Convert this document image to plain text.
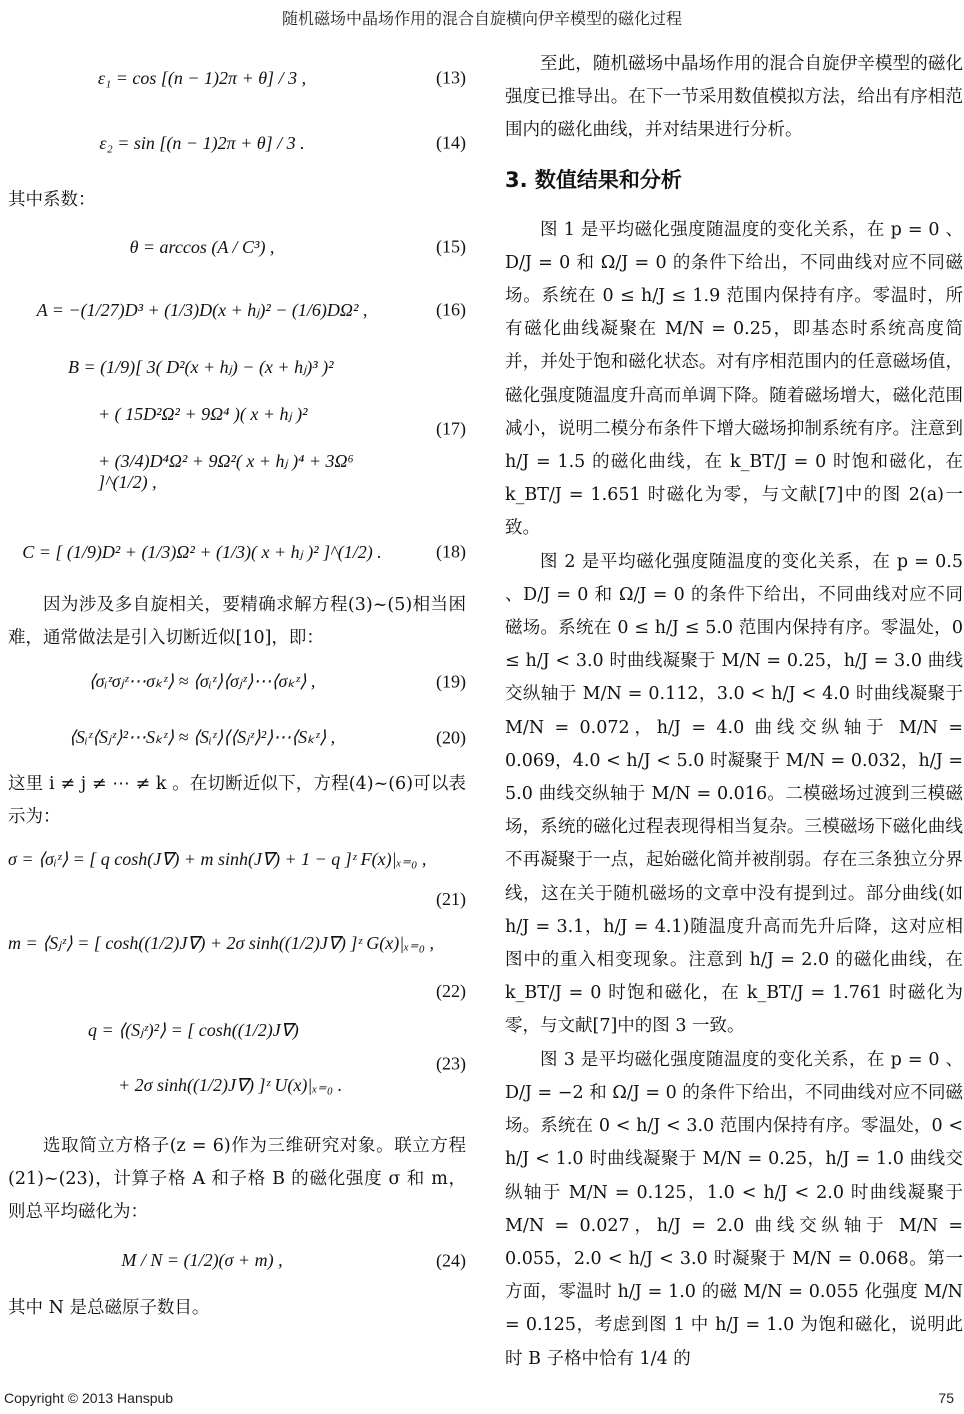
随机磁场中晶场作用的混合自旋横向伊辛模型的磁化过程
ε₁ = cos [(n − 1)2π + θ] / 3 ,	(13)
ε₂ = sin [(n − 1)2π + θ] / 3 .	(14)

其中系数：

θ = arccos (A / C³) ,	(15)
A = −(1/27)D³ + (1/3)D(x + hⱼ)² − (1/6)DΩ² ,	(16)
B = (1/9)[ 3( D²(x + hⱼ) − (x + hⱼ)³ )²
+ ( 15D²Ω² + 9Ω⁴ )( x + hⱼ )²
+ (3/4)D⁴Ω² + 9Ω²( x + hⱼ )⁴ + 3Ω⁶ ]^(1/2) ,
(17)
C = [ (1/9)D² + (1/3)Ω² + (1/3)( x + hⱼ )² ]^(1/2) .	(18)

因为涉及多自旋相关，要精确求解方程(3)~(5)相当困难，通常做法是引入切断近似[10]，即：

⟨σᵢᶻσⱼᶻ⋯σₖᶻ⟩ ≈ ⟨σᵢᶻ⟩⟨σⱼᶻ⟩⋯⟨σₖᶻ⟩ ,	(19)
⟨Sᵢᶻ⟨Sⱼᶻ⟩²⋯Sₖᶻ⟩ ≈ ⟨Sᵢᶻ⟩⟨⟨Sⱼᶻ⟩²⟩⋯⟨Sₖᶻ⟩ ,	(20)

这里 i ≠ j ≠ ⋯ ≠ k 。在切断近似下，方程(4)~(6)可以表示为：

σ = ⟨σᵢᶻ⟩ = [ q cosh(J∇) + m sinh(J∇) + 1 − q ]ᶻ F(x)|ₓ₌₀ ,
(21)
m = ⟨Sⱼᶻ⟩ = [ cosh((1/2)J∇) + 2σ sinh((1/2)J∇) ]ᶻ G(x)|ₓ₌₀ ,
(22)
q = ⟨(Sⱼᶻ)²⟩ = [ cosh((1/2)J∇)
+ 2σ sinh((1/2)J∇) ]ᶻ U(x)|ₓ₌₀ .
(23)

选取简立方格子(z = 6)作为三维研究对象。联立方程(21)~(23)，计算子格 A 和子格 B 的磁化强度 σ 和 m，则总平均磁化为：

M / N = (1/2)(σ + m) ,	(24)

其中 N 是总磁原子数目。

至此，随机磁场中晶场作用的混合自旋伊辛模型的磁化强度已推导出。在下一节采用数值模拟方法，给出有序相范围内的磁化曲线，并对结果进行分析。

3. 数值结果和分析

图 1 是平均磁化强度随温度的变化关系，在 p = 0 、D/J = 0 和 Ω/J = 0 的条件下给出，不同曲线对应不同磁场。系统在 0 ≤ h/J ≤ 1.9 范围内保持有序。零温时，所有磁化曲线凝聚在 M/N = 0.25，即基态时系统高度简并，并处于饱和磁化状态。对有序相范围内的任意磁场值，磁化强度随温度升高而单调下降。随着磁场增大，磁化范围减小，说明二模分布条件下增大磁场抑制系统有序。注意到 h/J = 1.5 的磁化曲线，在 k_BT/J = 0 时饱和磁化，在 k_BT/J = 1.651 时磁化为零，与文献[7]中的图 2(a)一致。

图 2 是平均磁化强度随温度的变化关系，在 p = 0.5 、D/J = 0 和 Ω/J = 0 的条件下给出，不同曲线对应不同磁场。系统在 0 ≤ h/J ≤ 5.0 范围内保持有序。零温处，0 ≤ h/J < 3.0 时曲线凝聚于 M/N = 0.25，h/J = 3.0 曲线交纵轴于 M/N = 0.112，3.0 < h/J < 4.0 时曲线凝聚于 M/N = 0.072，h/J = 4.0 曲线交纵轴于 M/N = 0.069，4.0 < h/J < 5.0 时凝聚于 M/N = 0.032，h/J = 5.0 曲线交纵轴于 M/N = 0.016。二模磁场过渡到三模磁场，系统的磁化过程表现得相当复杂。三模磁场下磁化曲线不再凝聚于一点，起始磁化简并被削弱。存在三条独立分界线，这在关于随机磁场的文章中没有提到过。部分曲线(如 h/J = 3.1，h/J = 4.1)随温度升高而先升后降，这对应相图中的重入相变现象。注意到 h/J = 2.0 的磁化曲线，在 k_BT/J = 0 时饱和磁化，在 k_BT/J = 1.761 时磁化为零，与文献[7]中的图 3 一致。

图 3 是平均磁化强度随温度的变化关系，在 p = 0 、D/J = −2 和 Ω/J = 0 的条件下给出，不同曲线对应不同磁场。系统在 0 < h/J < 3.0 范围内保持有序。零温处，0 < h/J < 1.0 时曲线凝聚于 M/N = 0.25，h/J = 1.0 曲线交纵轴于 M/N = 0.125，1.0 < h/J < 2.0 时曲线凝聚于 M/N = 0.027，h/J = 2.0 曲线交纵轴于 M/N = 0.055，2.0 < h/J < 3.0 时凝聚于 M/N = 0.068。第一方面，零温时 h/J = 1.0 的磁 M/N = 0.055 化强度 M/N = 0.125，考虑到图 1 中 h/J = 1.0 为饱和磁化，说明此时 B 子格中恰有 1/4 的

Copyright © 2013 Hanspub	75
